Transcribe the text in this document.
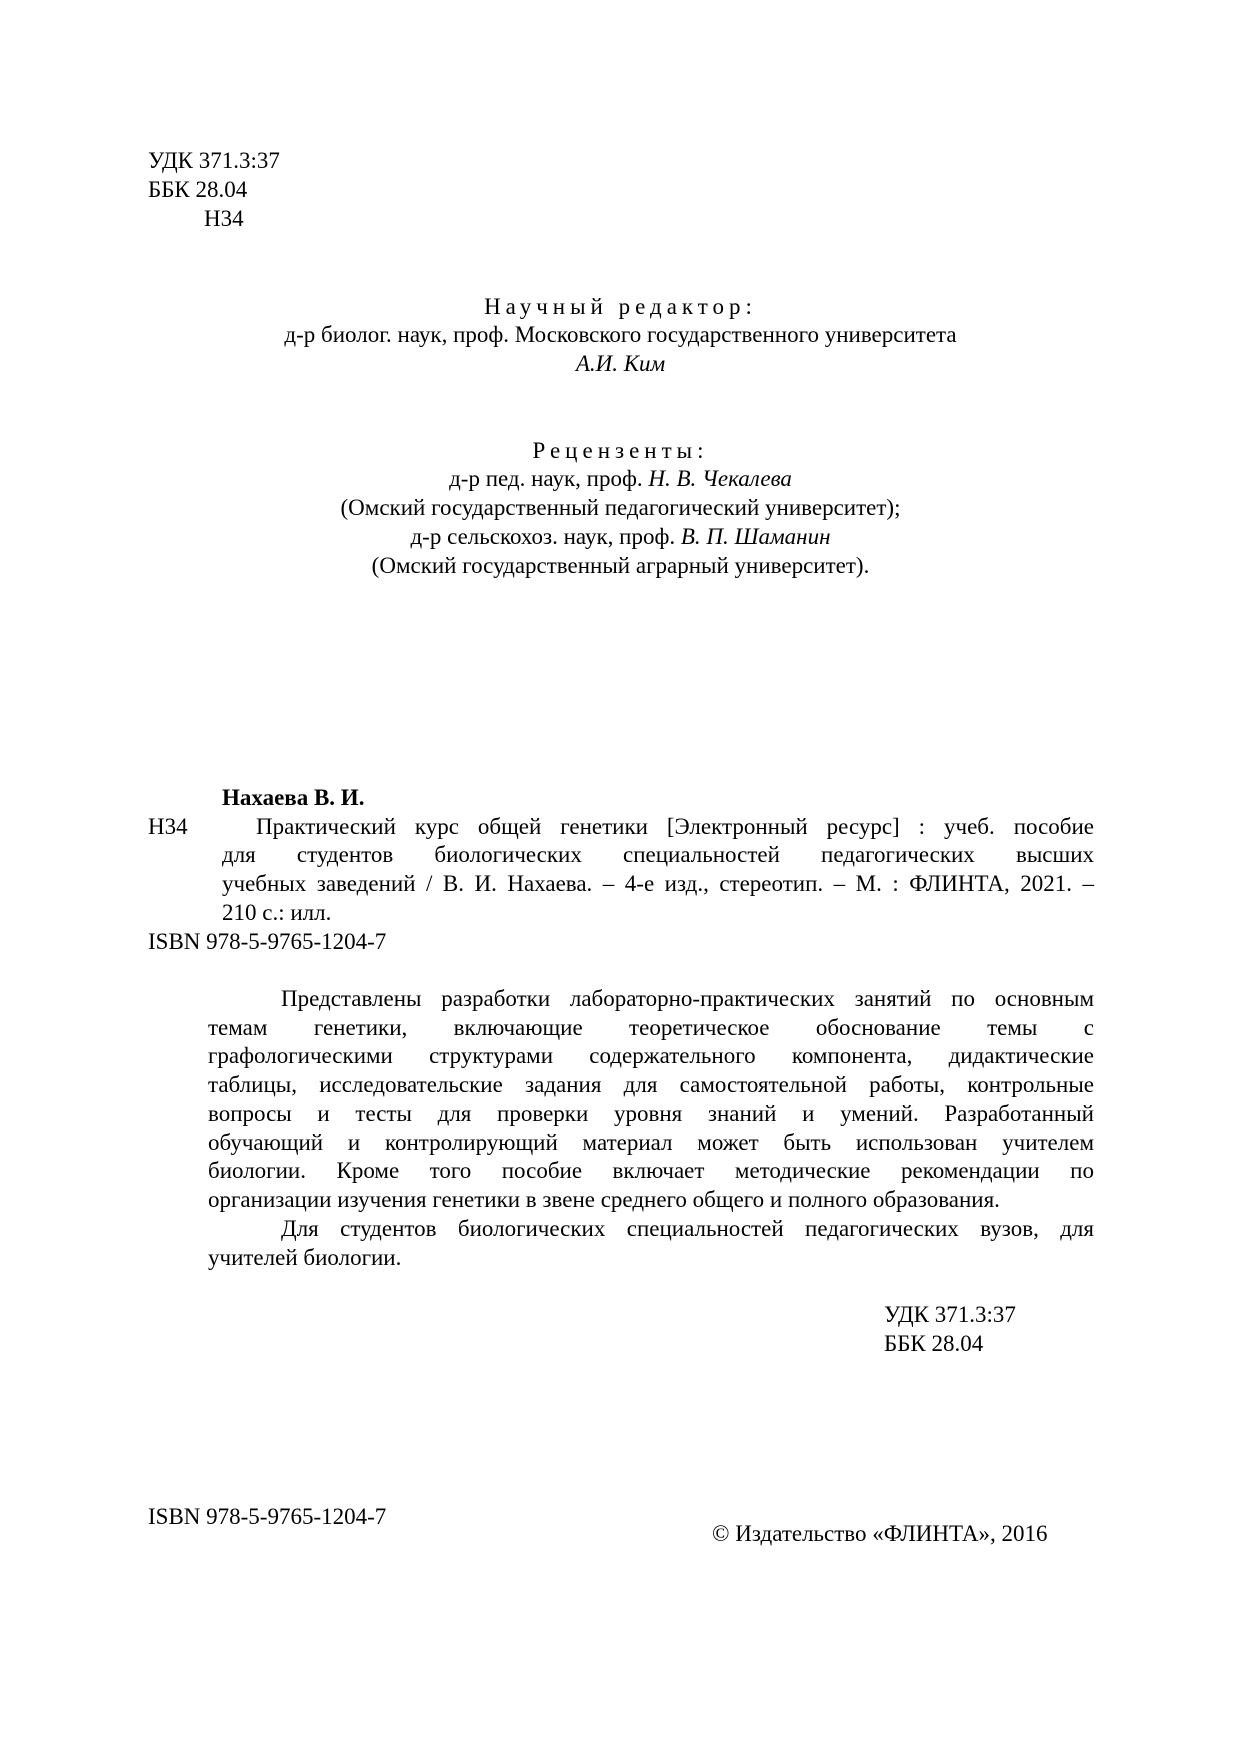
УДК 371.3:37
ББК 28.04
Н34
Научный редактор:
д-р биолог. наук, проф. Московского государственного университета
А.И. Ким
Рецензенты:
д-р пед. наук, проф. Н. В. Чекалева
(Омский государственный педагогический университет);
д-р сельскохоз. наук, проф. В. П. Шаманин
(Омский государственный аграрный университет).
Нахаева В. И.
Н34	Практический курс общей генетики [Электронный ресурс] : учеб. пособие
для студентов биологических специальностей педагогических высших
учебных заведений / В. И. Нахаева. – 4-е изд., стереотип. – М. : ФЛИНТА, 2021. –
210 с.: илл.
ISBN 978-5-9765-1204-7
Представлены разработки лабораторно-практических занятий по основным
темам генетики, включающие теоретическое обоснование темы с
графологическими структурами содержательного компонента, дидактические
таблицы, исследовательские задания для самостоятельной работы, контрольные
вопросы и тесты для проверки уровня знаний и умений. Разработанный
обучающий и контролирующий материал может быть использован учителем
биологии. Кроме того пособие включает методические рекомендации по
организации изучения генетики в звене среднего общего и полного образования.
Для студентов биологических специальностей педагогических вузов, для
учителей биологии.
УДК 371.3:37
ББК 28.04
ISBN 978-5-9765-1204-7
© Издательство «ФЛИНТА», 2016
